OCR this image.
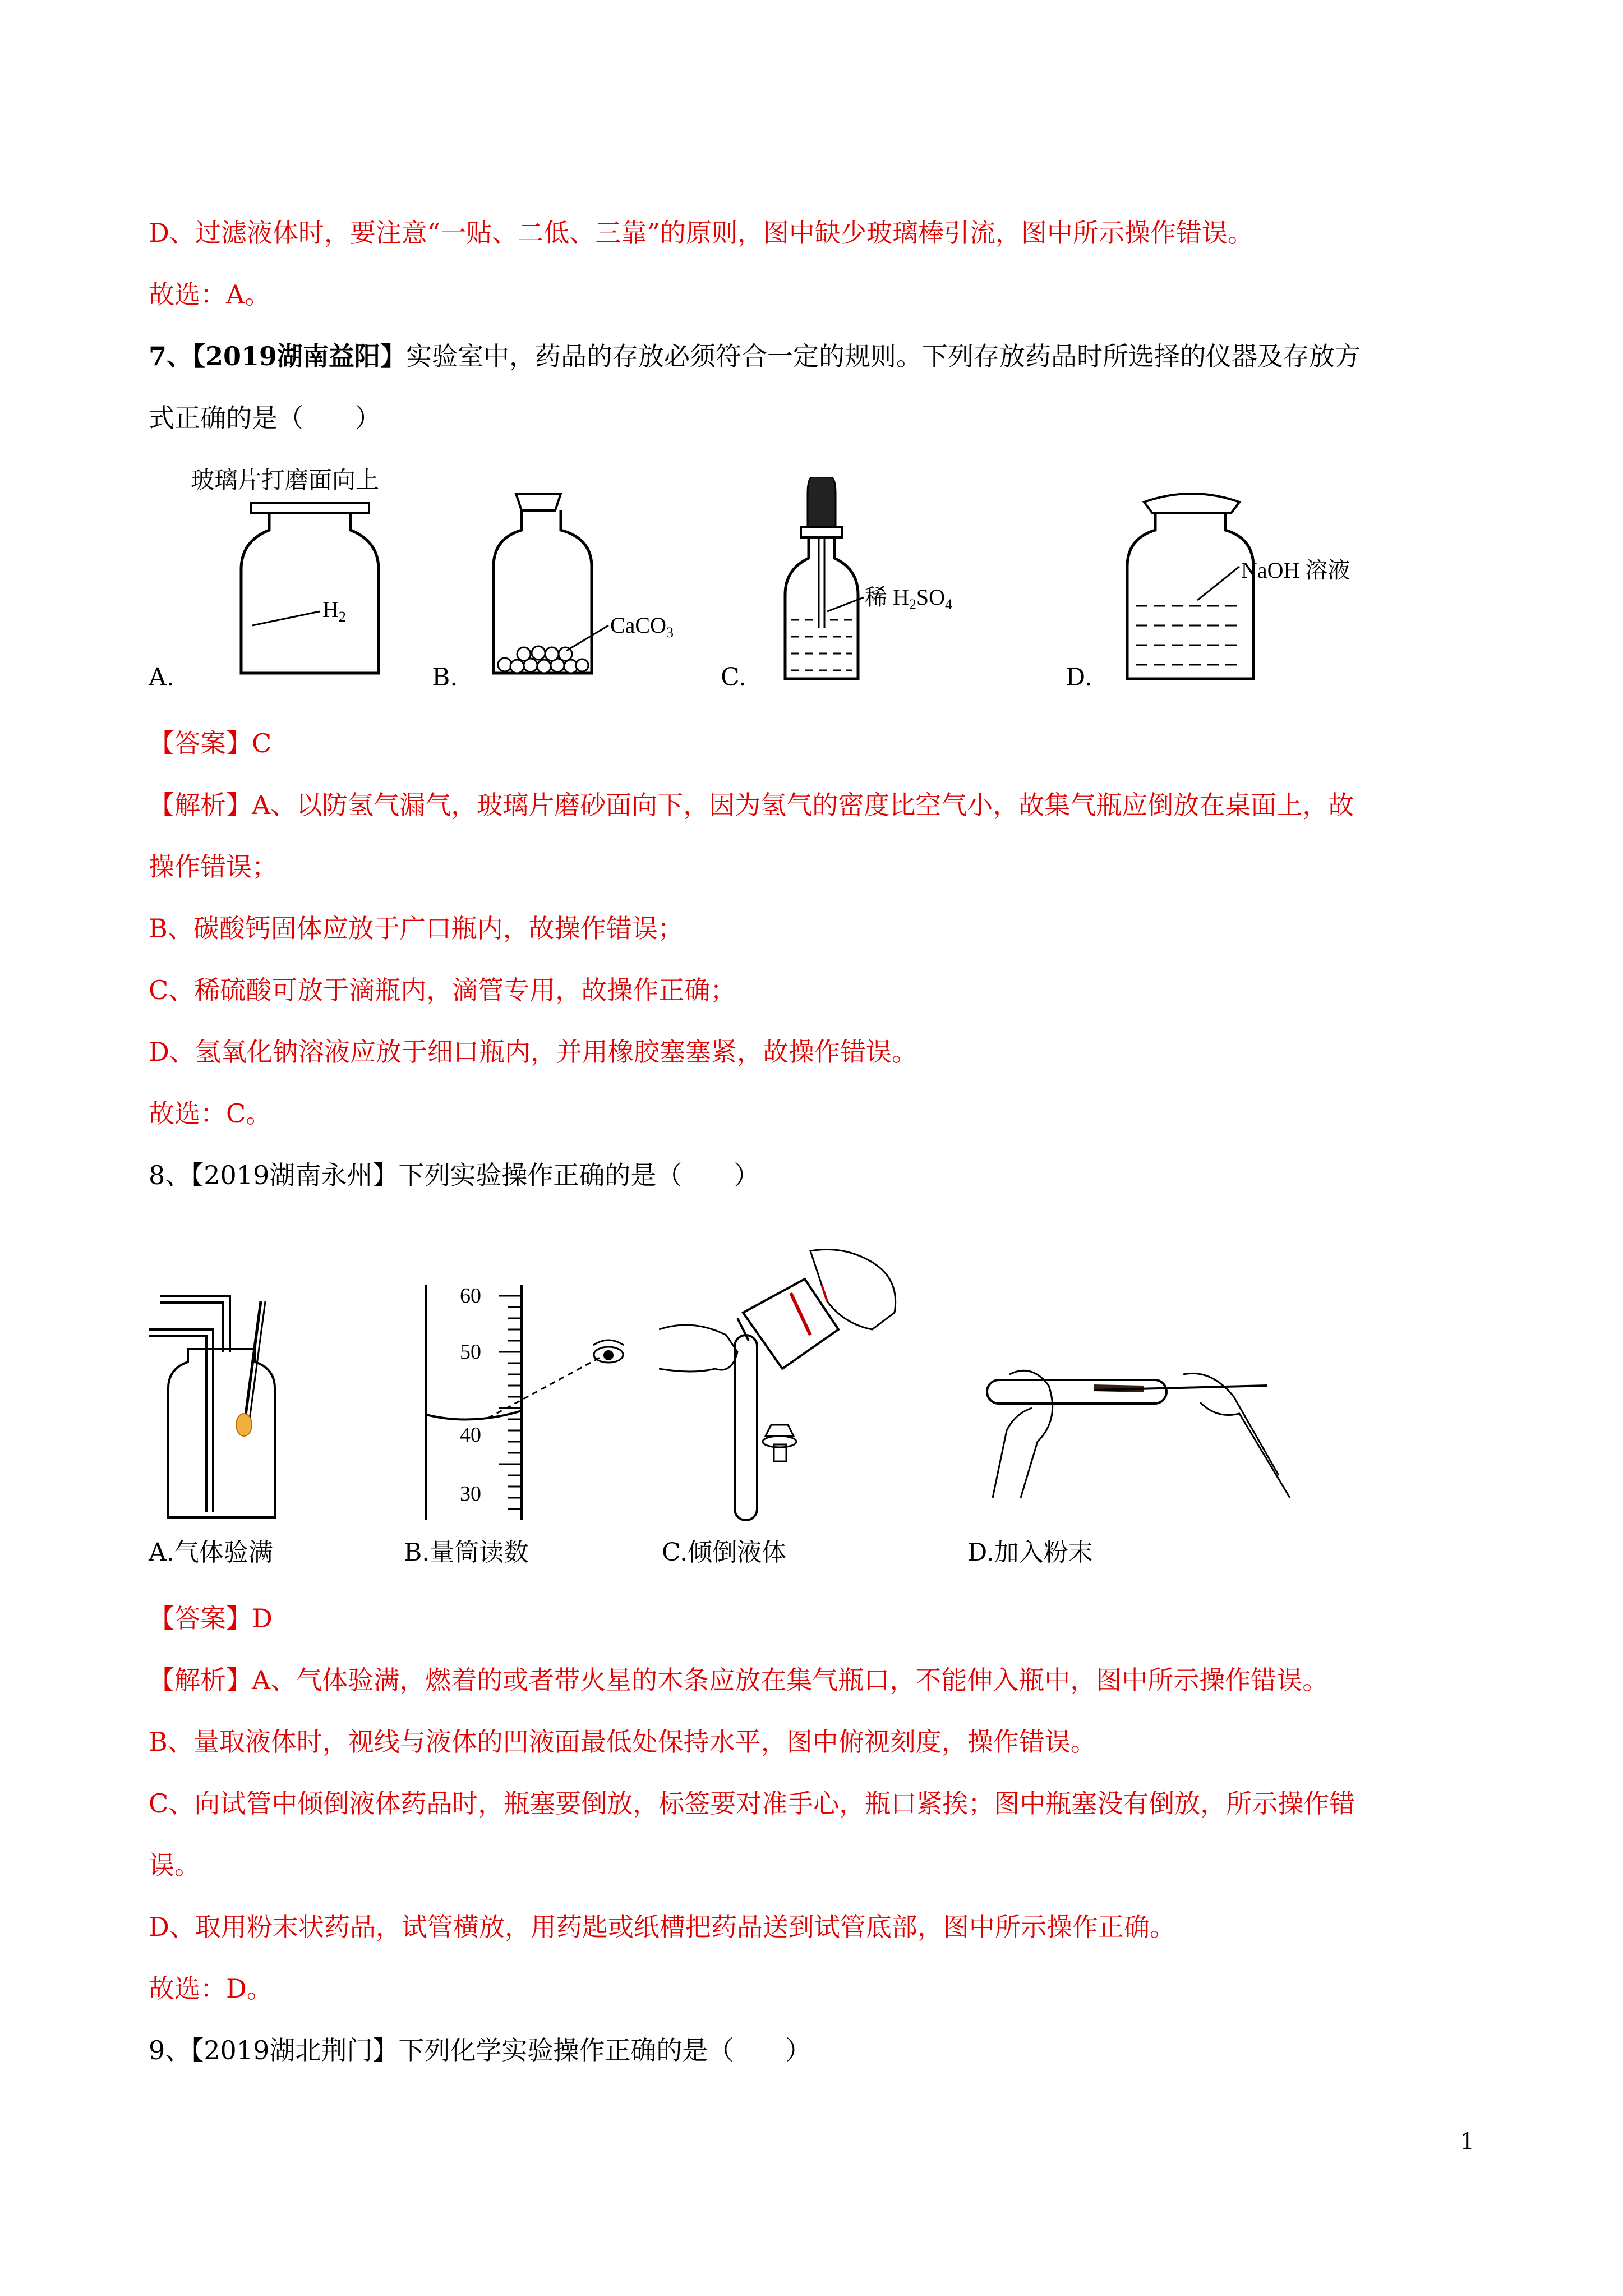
D、过滤液体时，要注意“一贴、二低、三靠”的原则，图中缺少玻璃棒引流，图中所示操作错误。
故选：A。
7、【2019湖南益阳】实验室中，药品的存放必须符合一定的规则。下列存放药品时所选择的仪器及存放方
式正确的是（　　）
玻璃片打磨面向上
$H_2$
A.
CaCO$_3$
B.
稀 $H_2SO_4$
C.
NaOH 溶液
D.
【答案】C
【解析】A、以防氢气漏气，玻璃片磨砂面向下，因为氢气的密度比空气小，故集气瓶应倒放在桌面上，故
操作错误；
B、碳酸钙固体应放于广口瓶内，故操作错误；
C、稀硫酸可放于滴瓶内，滴管专用，故操作正确；
D、氢氧化钠溶液应放于细口瓶内，并用橡胶塞塞紧，故操作错误。
故选：C。
8、【2019湖南永州】下列实验操作正确的是（　　）
A.气体验满
60
50
40
30
B.量筒读数	C.倾倒液体	D.加入粉末
【答案】D
【解析】A、气体验满，燃着的或者带火星的木条应放在集气瓶口，不能伸入瓶中，图中所示操作错误。
B、量取液体时，视线与液体的凹液面最低处保持水平，图中俯视刻度，操作错误。
C、向试管中倾倒液体药品时，瓶塞要倒放，标签要对准手心，瓶口紧挨；图中瓶塞没有倒放，所示操作错
误。
D、取用粉末状药品，试管横放，用药匙或纸槽把药品送到试管底部，图中所示操作正确。
故选：D。
9、【2019湖北荆门】下列化学实验操作正确的是（　　）
1
